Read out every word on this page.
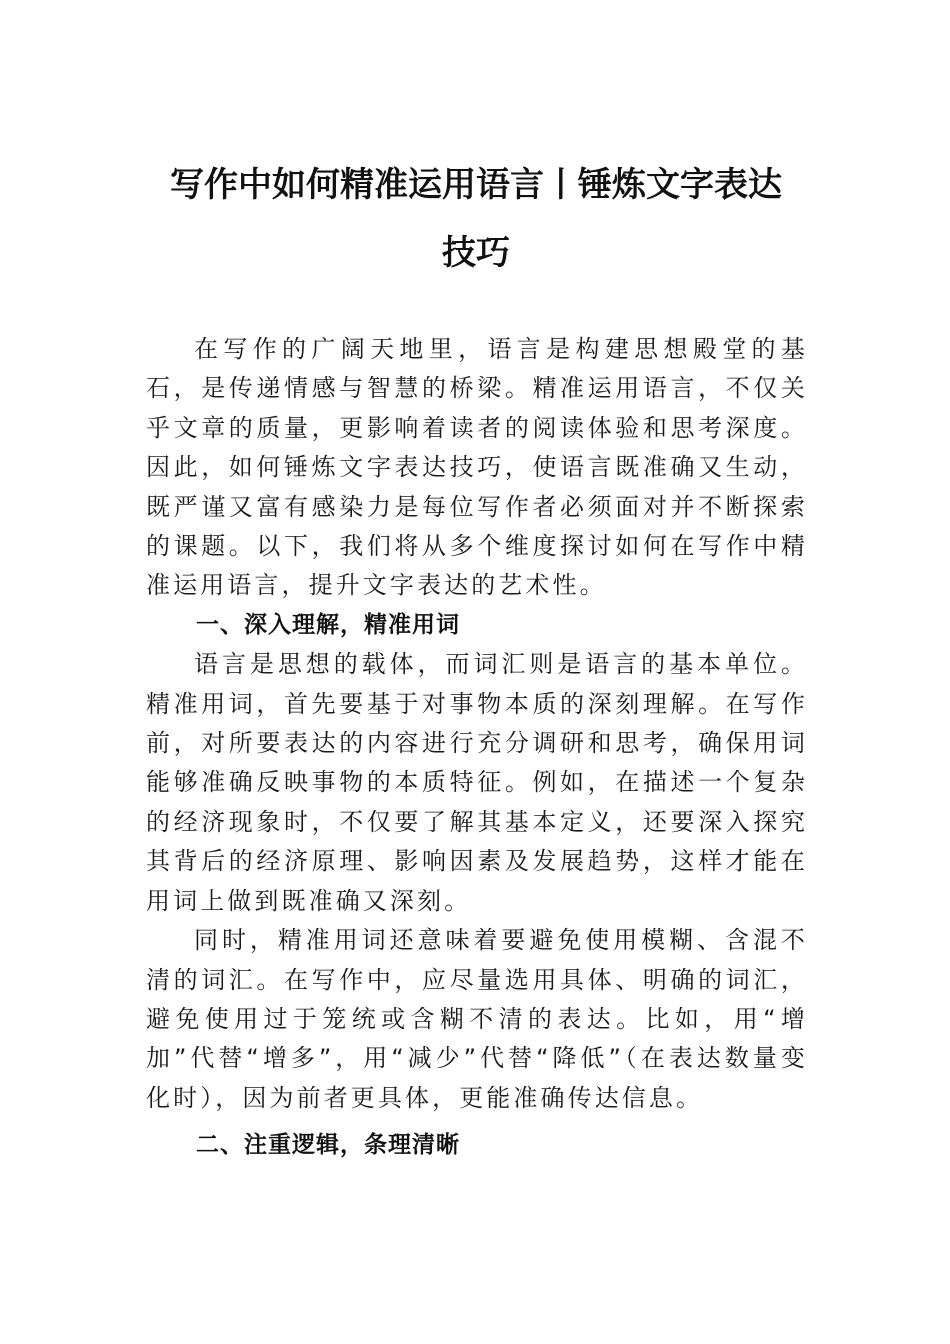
写作中如何精准运用语言丨锤炼文字表达
技巧

在写作的广阔天地里，语言是构建思想殿堂的基石，是传递情感与智慧的桥梁。精准运用语言，不仅关乎文章的质量，更影响着读者的阅读体验和思考深度。因此，如何锤炼文字表达技巧，使语言既准确又生动，既严谨又富有感染力是每位写作者必须面对并不断探索的课题。以下，我们将从多个维度探讨如何在写作中精准运用语言，提升文字表达的艺术性。

一、深入理解，精准用词

语言是思想的载体，而词汇则是语言的基本单位。精准用词，首先要基于对事物本质的深刻理解。在写作前，对所要表达的内容进行充分调研和思考，确保用词能够准确反映事物的本质特征。例如，在描述一个复杂的经济现象时，不仅要了解其基本定义，还要深入探究其背后的经济原理、影响因素及发展趋势，这样才能在用词上做到既准确又深刻。

同时，精准用词还意味着要避免使用模糊、含混不清的词汇。在写作中，应尽量选用具体、明确的词汇，避免使用过于笼统或含糊不清的表达。比如，用“增加”代替“增多”，用“减少”代替“降低”（在表达数量变化时），因为前者更具体，更能准确传达信息。

二、注重逻辑，条理清晰
